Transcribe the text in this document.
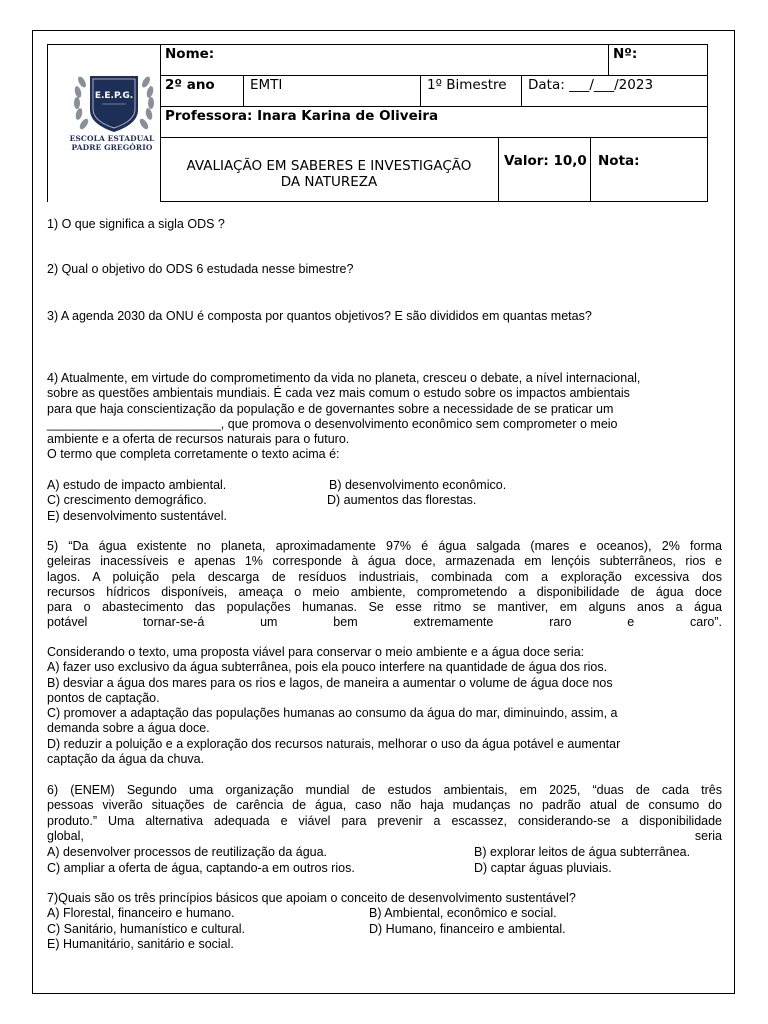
E.E.P.G.
ESCOLA ESTADUAL
PADRE GREGÓRIO
Nome:	Nº:
2º ano	EMTI	1º Bimestre Data: ___/___/2023
Professora: Inara Karina de Oliveira
AVALIAÇÃO EM SABERES E INVESTIGAÇÃO
DA NATUREZA
Valor: 10,0 Nota:
1) O que significa a sigla ODS ?
2) Qual o objetivo do ODS 6 estudada nesse bimestre?
3) A agenda 2030 da ONU é composta por quantos objetivos? E são divididos em quantas metas?
4) Atualmente, em virtude do comprometimento da vida no planeta, cresceu o debate, a nível internacional,
sobre as questões ambientais mundiais. É cada vez mais comum o estudo sobre os impactos ambientais
para que haja conscientização da população e de governantes sobre a necessidade de se praticar um
_________________________, que promova o desenvolvimento econômico sem comprometer o meio
ambiente e a oferta de recursos naturais para o futuro.
O termo que completa corretamente o texto acima é:
A) estudo de impacto ambiental.	B) desenvolvimento econômico.
C) crescimento demográfico.	D) aumentos das florestas.
E) desenvolvimento sustentável.
5) “Da água existente no planeta, aproximadamente 97% é água salgada (mares e oceanos), 2% forma
geleiras inacessíveis e apenas 1% corresponde à água doce, armazenada em lençóis subterrâneos, rios e
lagos. A poluição pela descarga de resíduos industriais, combinada com a exploração excessiva dos
recursos hídricos disponíveis, ameaça o meio ambiente, comprometendo a disponibilidade de água doce
para o abastecimento das populações humanas. Se esse ritmo se mantiver, em alguns anos a água
potável tornar-se-á um bem extremamente raro e caro”.
Considerando o texto, uma proposta viável para conservar o meio ambiente e a água doce seria:
A) fazer uso exclusivo da água subterrânea, pois ela pouco interfere na quantidade de água dos rios.
B) desviar a água dos mares para os rios e lagos, de maneira a aumentar o volume de água doce nos
pontos de captação.
C) promover a adaptação das populações humanas ao consumo da água do mar, diminuindo, assim, a
demanda sobre a água doce.
D) reduzir a poluição e a exploração dos recursos naturais, melhorar o uso da água potável e aumentar
captação da água da chuva.
6) (ENEM) Segundo uma organização mundial de estudos ambientais, em 2025, “duas de cada três
pessoas viverão situações de carência de água, caso não haja mudanças no padrão atual de consumo do
produto.” Uma alternativa adequada e viável para prevenir a escassez, considerando-se a disponibilidade
global,	seria
A) desenvolver processos de reutilização da água.	B) explorar leitos de água subterrânea.
C) ampliar a oferta de água, captando-a em outros rios.	D) captar águas pluviais.
7)Quais são os três princípios básicos que apoiam o conceito de desenvolvimento sustentável?
A) Florestal, financeiro e humano.	B) Ambiental, econômico e social.
C) Sanitário, humanístico e cultural.	D) Humano, financeiro e ambiental.
E) Humanitário, sanitário e social.
